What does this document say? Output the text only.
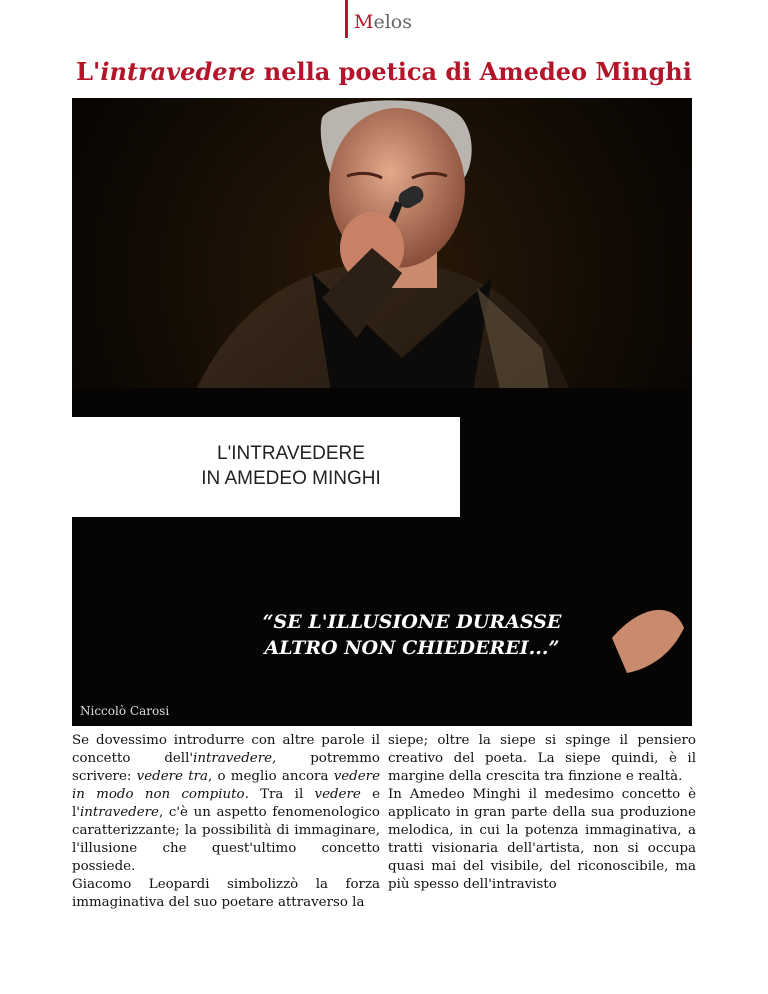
Melos
L'intravedere nella poetica di Amedeo Minghi
L'INTRAVEDERE
IN AMEDEO MINGHI
“SE L'ILLUSIONE DURASSE
ALTRO NON CHIEDEREI...”
Niccolò Carosi

Se dovessimo introdurre con altre parole il concetto dell'intravedere, potremmo scrivere: vedere tra, o meglio ancora vedere in modo non compiuto. Tra il vedere e l'intravedere, c'è un aspetto fenomenologico caratterizzante; la possibilità di immaginare, l'illusione che quest'ultimo concetto possiede.

Giacomo Leopardi simbolizzò la forza immaginativa del suo poetare attraverso la

siepe; oltre la siepe si spinge il pensiero creativo del poeta. La siepe quindi, è il margine della crescita tra finzione e realtà.

In Amedeo Minghi il medesimo concetto è applicato in gran parte della sua produzione melodica, in cui la potenza immaginativa, a tratti visionaria dell'artista, non si occupa quasi mai del visibile, del riconoscibile, ma più spesso dell'intravisto
